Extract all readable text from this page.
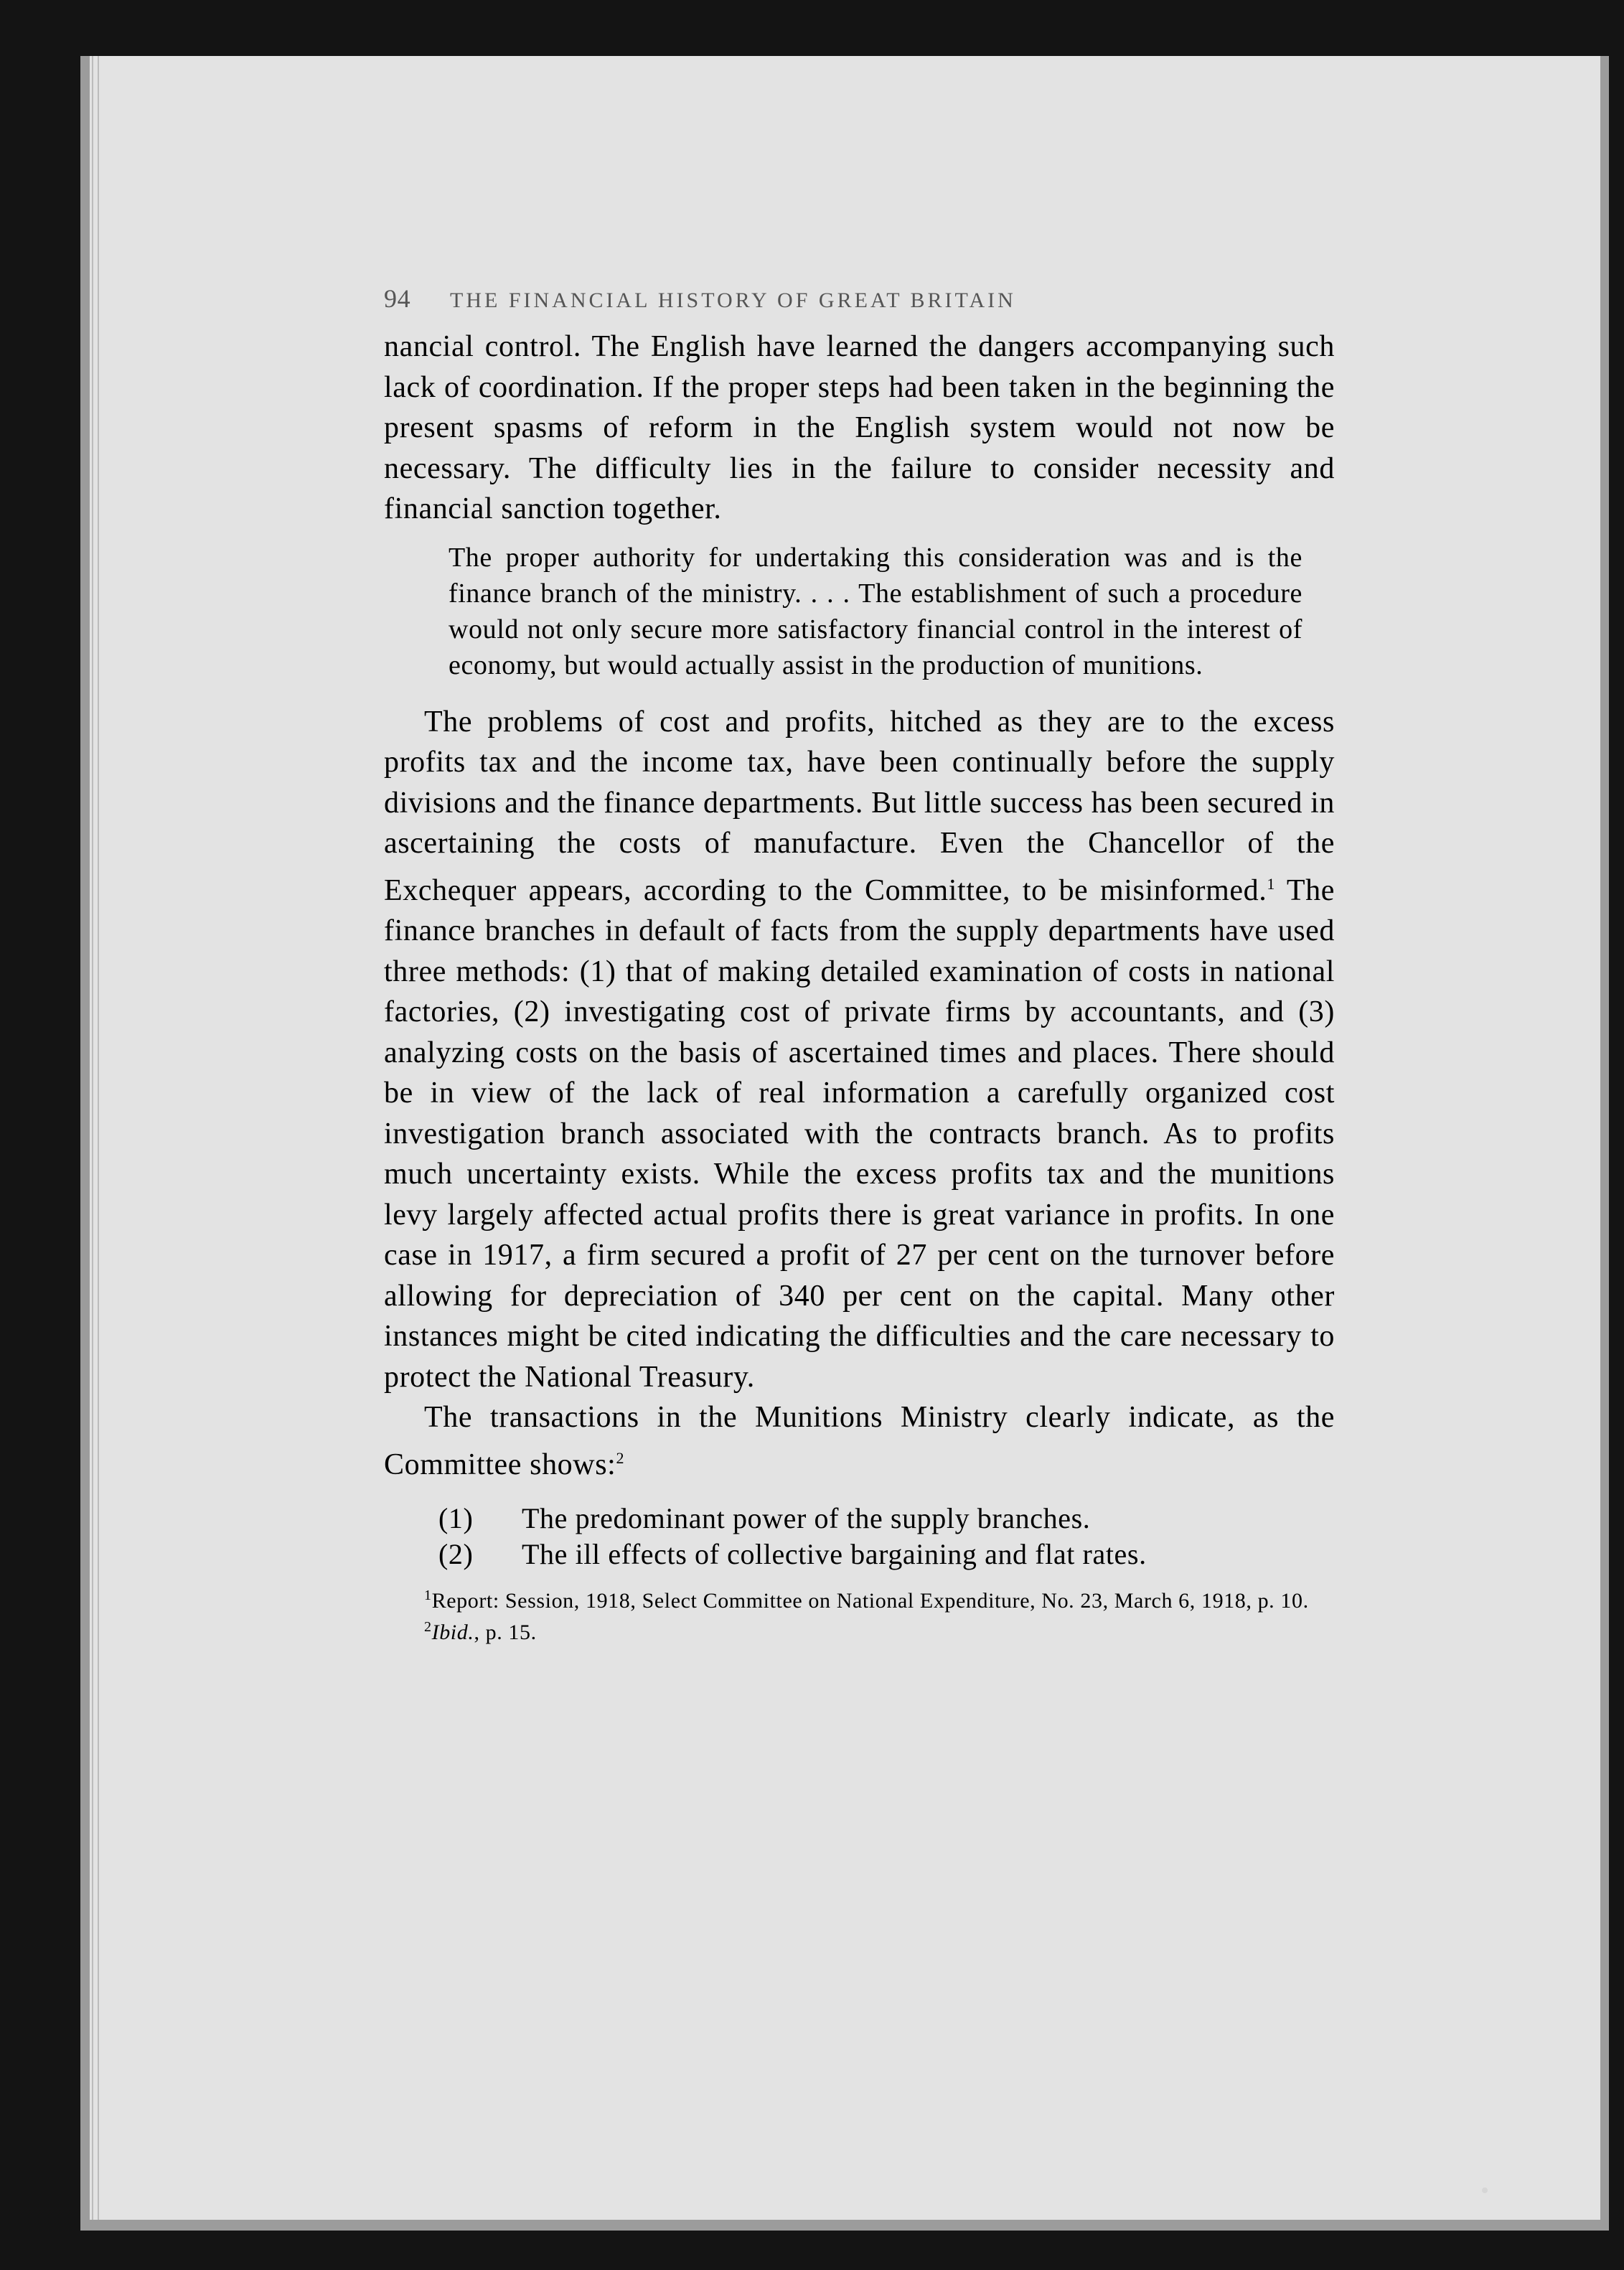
94	THE FINANCIAL HISTORY OF GREAT BRITAIN

nancial control. The English have learned the dangers accompanying such lack of coordination. If the proper steps had been taken in the beginning the present spasms of reform in the English system would not now be necessary. The difficulty lies in the failure to consider necessity and financial sanction together.

The proper authority for undertaking this consideration was and is the finance branch of the ministry. . . . The establishment of such a procedure would not only secure more satisfactory financial control in the interest of economy, but would actually assist in the production of munitions.

The problems of cost and profits, hitched as they are to the excess profits tax and the income tax, have been continually before the supply divisions and the finance departments. But little success has been secured in ascertaining the costs of manufacture. Even the Chancellor of the Exchequer appears, according to the Committee, to be misinformed.$^1$ The finance branches in default of facts from the supply departments have used three methods: (1) that of making detailed examination of costs in national factories, (2) investigating cost of private firms by accountants, and (3) analyzing costs on the basis of ascertained times and places. There should be in view of the lack of real information a carefully organized cost investigation branch associated with the contracts branch. As to profits much uncertainty exists. While the excess profits tax and the munitions levy largely affected actual profits there is great variance in profits. In one case in 1917, a firm secured a profit of 27 per cent on the turnover before allowing for depreciation of 340 per cent on the capital. Many other instances might be cited indicating the difficulties and the care necessary to protect the National Treasury.

The transactions in the Munitions Ministry clearly indicate, as the Committee shows:$^2$

(1)	The predominant power of the supply branches.
(2)	The ill effects of collective bargaining and flat rates.
$^1$Report: Session, 1918, Select Committee on National Expenditure, No. 23, March 6, 1918, p. 10.
$^2$Ibid., p. 15.
